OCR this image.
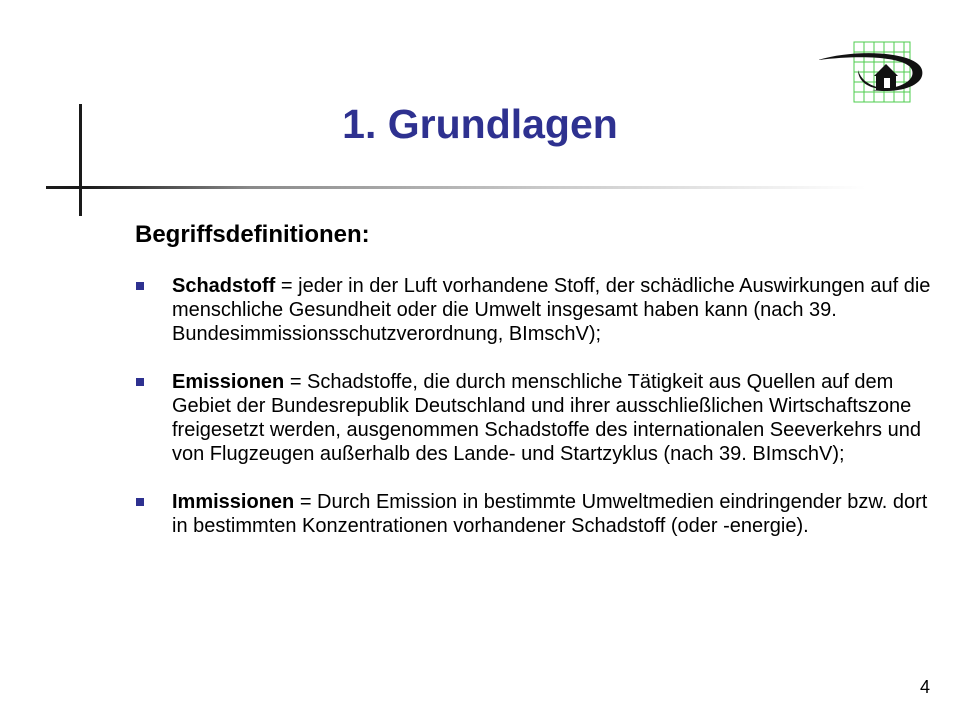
1. Grundlagen
Begriffsdefinitionen:
Schadstoff = jeder in der Luft vorhandene Stoff, der schädliche Auswirkungen auf die menschliche Gesundheit oder die Umwelt insgesamt haben kann (nach 39. Bundesimmissionsschutzverordnung, BImschV);
Emissionen = Schadstoffe, die durch menschliche Tätigkeit aus Quellen auf dem Gebiet der Bundesrepublik Deutschland und ihrer ausschließlichen Wirtschaftszone freigesetzt werden, ausgenommen Schadstoffe des internationalen Seeverkehrs und von Flugzeugen außerhalb des Lande- und Startzyklus (nach 39. BImschV);
Immissionen = Durch Emission in bestimmte Umweltmedien eindringender bzw. dort in bestimmten Konzentrationen vorhandener Schadstoff (oder -energie).
4
